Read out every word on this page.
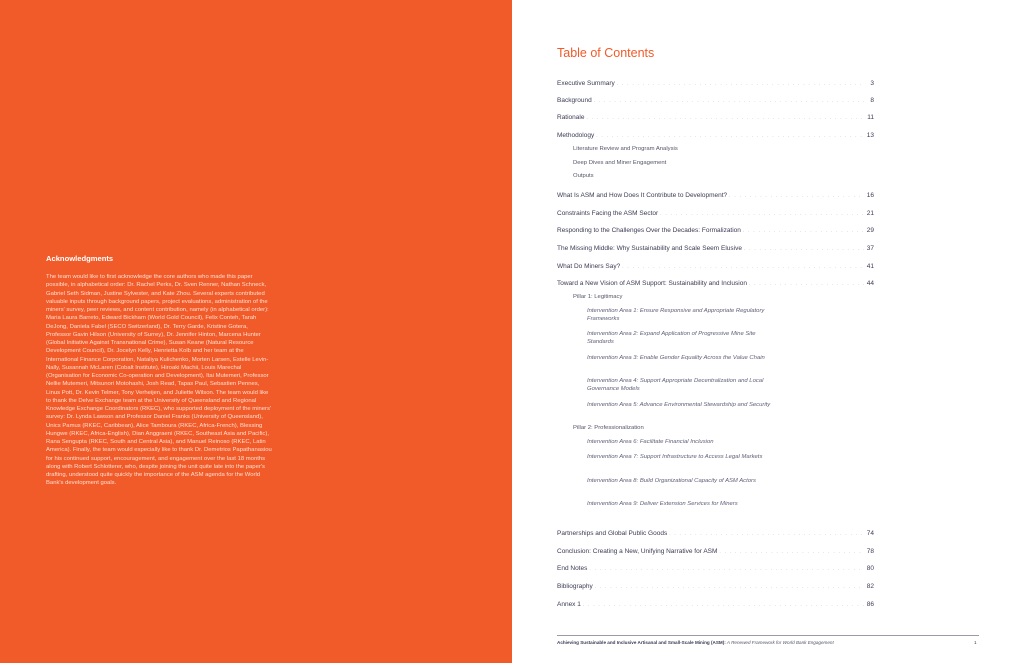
Acknowledgments

The team would like to first acknowledge the core authors who made this paper possible, in alphabetical order: Dr. Rachel Perks, Dr. Sven Renner, Nathan Schneck, Gabriel Seth Sidman, Justine Sylvester, and Kate Zhou. Several experts contributed valuable inputs through background papers, project evaluations, administration of the miners' survey, peer reviews, and content contribution, namely (in alphabetical order): Maria Laura Barreto, Edward Bickham (World Gold Council), Felix Conteh, Tarah DeJong, Daniela Fabel (SECO Switzerland), Dr. Terry Garde, Kristine Gotera, Professor Gavin Hilson (University of Surrey), Dr. Jennifer Hinton, Marcena Hunter (Global Initiative Against Transnational Crime), Susan Keane (Natural Resource Development Council), Dr. Jocelyn Kelly, Henrietta Kolb and her team at the International Finance Corporation, Nataliya Kulichenko, Morten Larsen, Estelle Levin-Nally, Susannah McLaren (Cobalt Institute), Hiroaki Machii, Louis Marechal (Organisation for Economic Co-operation and Development), Itai Mutemeri, Professor Nellie Mutemeri, Mitsunori Motohashi, Josh Read, Tapas Paul, Sebastien Pennes, Linus Pott, Dr. Kevin Telmer, Tony Verheijen, and Juliette Wilson. The team would like to thank the Delve Exchange team at the University of Queensland and Regional Knowledge Exchange Coordinators (RKEC), who supported deployment of the miners' survey: Dr. Lynda Lawson and Professor Daniel Franks (University of Queensland), Unics Pamus (RKEC, Caribbean), Alice Tamboura (RKEC, Africa-French), Blessing Hungwe (RKEC, Africa-English), Dian Anggraeni (RKEC, Southeast Asia and Pacific), Rana Sengupta (RKEC, South and Central Asia), and Manuel Reinoso (RKEC, Latin America). Finally, the team would especially like to thank Dr. Demetrios Papathanasiou for his continued support, encouragement, and engagement over the last 18 months along with Robert Schlotterer, who, despite joining the unit quite late into the paper's drafting, understood quite quickly the importance of the ASM agenda for the World Bank's development goals.

Table of Contents
Executive Summary . . .	3
Background . . .	8
Rationale . . .	11
Methodology . . .	13
Literature Review and Program Analysis
Deep Dives and Miner Engagement
Outputs
What Is ASM and How Does It Contribute to Development? . . .	16
Constraints Facing the ASM Sector . . .	21
Responding to the Challenges Over the Decades: Formalization . . .	29
The Missing Middle: Why Sustainability and Scale Seem Elusive . . .	37
What Do Miners Say? . . .	41
Toward a New Vision of ASM Support: Sustainability and Inclusion . . .	44
Pillar 1: Legitimacy
Intervention Area 1: Ensure Responsive and Appropriate Regulatory Frameworks
Intervention Area 2: Expand Application of Progressive Mine Site Standards
Intervention Area 3: Enable Gender Equality Across the Value Chain
Intervention Area 4: Support Appropriate Decentralization and Local Governance Models
Intervention Area 5: Advance Environmental Stewardship and Security
Pillar 2: Professionalization
Intervention Area 6: Facilitate Financial Inclusion
Intervention Area 7: Support Infrastructure to Access Legal Markets
Intervention Area 8: Build Organizational Capacity of ASM Actors
Intervention Area 9: Deliver Extension Services for Miners
Partnerships and Global Public Goods . . .	74
Conclusion: Creating a New, Unifying Narrative for ASM . . .	78
End Notes . . .	80
Bibliography . . .	82
Annex 1 . . .	86
Achieving Sustainable and Inclusive Artisanal and Small-Scale Mining (ASM): A Renewed Framework for World Bank Engagement	1
